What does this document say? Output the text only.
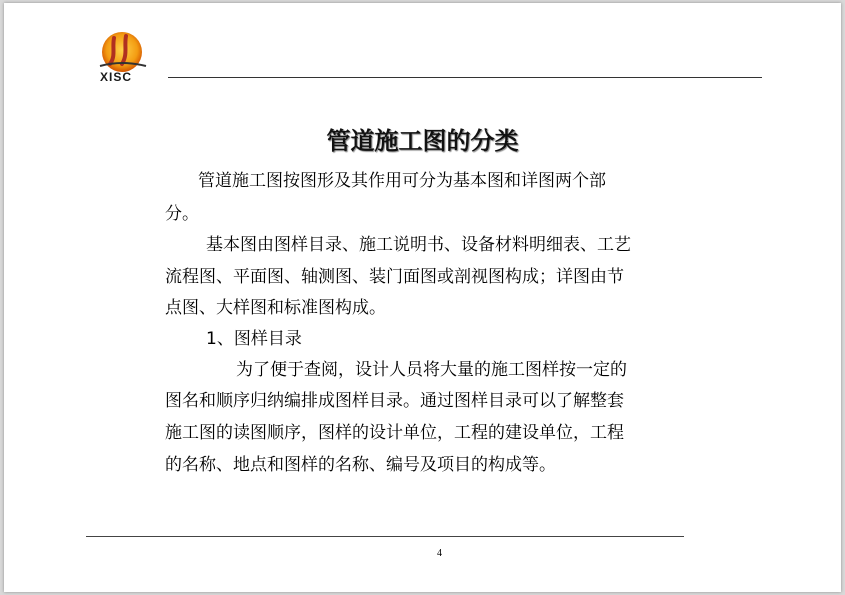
XISC
管道施工图的分类
管道施工图按图形及其作用可分为基本图和详图两个部
分。
基本图由图样目录、施工说明书、设备材料明细表、工艺
流程图、平面图、轴测图、装门面图或剖视图构成；详图由节
点图、大样图和标准图构成。
1、图样目录
为了便于查阅，设计人员将大量的施工图样按一定的
图名和顺序归纳编排成图样目录。通过图样目录可以了解整套
施工图的读图顺序，图样的设计单位，工程的建设单位，工程
的名称、地点和图样的名称、编号及项目的构成等。
4
